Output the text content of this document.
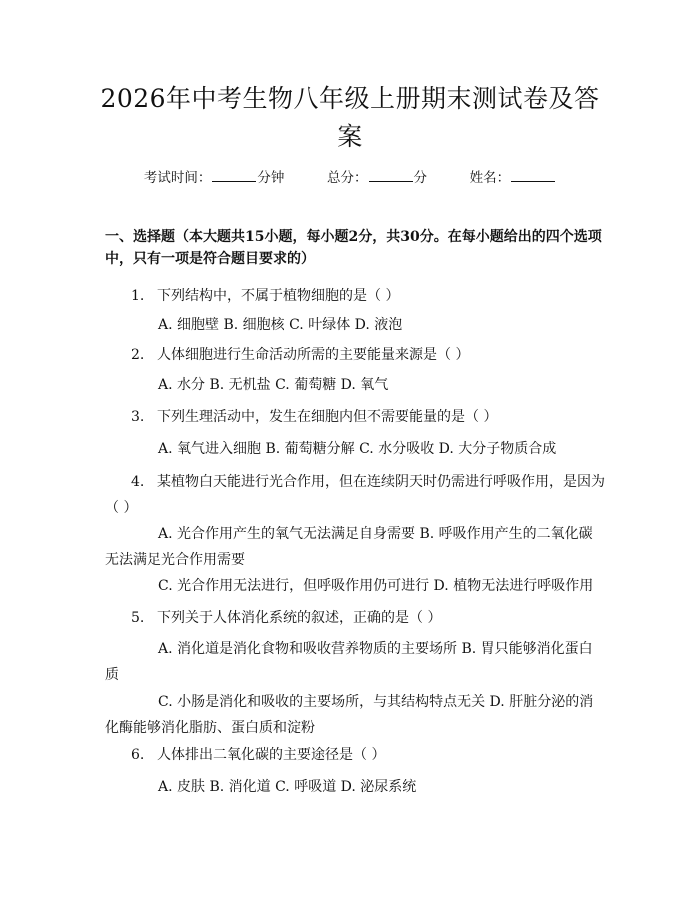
2026年中考生物八年级上册期末测试卷及答案
考试时间：	分钟	总分：	分	姓名：
一、选择题（本大题共15小题，每小题2分，共30分。在每小题给出的四个选项中，只有一项是符合题目要求的）
1. 下列结构中，不属于植物细胞的是（ ）
A. 细胞壁 B. 细胞核 C. 叶绿体 D. 液泡
2. 人体细胞进行生命活动所需的主要能量来源是（ ）
A. 水分 B. 无机盐 C. 葡萄糖 D. 氧气
3. 下列生理活动中，发生在细胞内但不需要能量的是（ ）
A. 氧气进入细胞 B. 葡萄糖分解 C. 水分吸收 D. 大分子物质合成
4. 某植物白天能进行光合作用，但在连续阴天时仍需进行呼吸作用，是因为（ ）
A. 光合作用产生的氧气无法满足自身需要 B. 呼吸作用产生的二氧化碳无法满足光合作用需要
C. 光合作用无法进行，但呼吸作用仍可进行 D. 植物无法进行呼吸作用
5. 下列关于人体消化系统的叙述，正确的是（ ）
A. 消化道是消化食物和吸收营养物质的主要场所 B. 胃只能够消化蛋白质
C. 小肠是消化和吸收的主要场所，与其结构特点无关 D. 肝脏分泌的消化酶能够消化脂肪、蛋白质和淀粉
6. 人体排出二氧化碳的主要途径是（ ）
A. 皮肤 B. 消化道 C. 呼吸道 D. 泌尿系统
